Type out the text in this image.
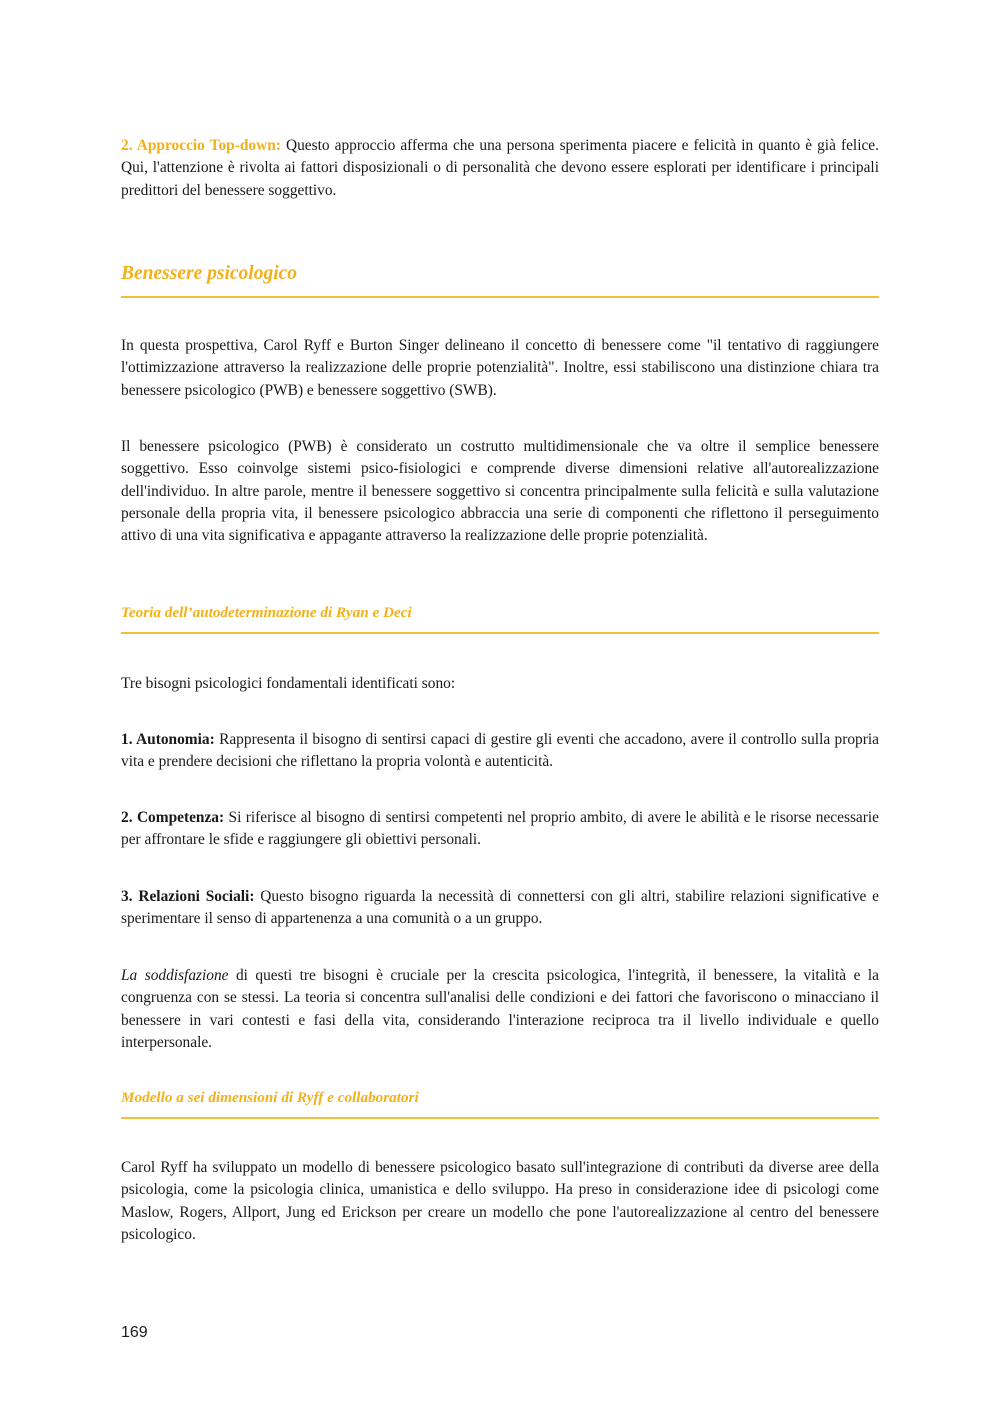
2. Approccio Top-down: Questo approccio afferma che una persona sperimenta piacere e felicità in quanto è già felice. Qui, l'attenzione è rivolta ai fattori disposizionali o di personalità che devono essere esplorati per identificare i principali predittori del benessere soggettivo.

Benessere psicologico

In questa prospettiva, Carol Ryff e Burton Singer delineano il concetto di benessere come "il tentativo di raggiungere l'ottimizzazione attraverso la realizzazione delle proprie potenzialità". Inoltre, essi stabiliscono una distinzione chiara tra benessere psicologico (PWB) e benessere soggettivo (SWB).

Il benessere psicologico (PWB) è considerato un costrutto multidimensionale che va oltre il semplice benessere soggettivo. Esso coinvolge sistemi psico-fisiologici e comprende diverse dimensioni relative all'autorealizzazione dell'individuo. In altre parole, mentre il benessere soggettivo si concentra principalmente sulla felicità e sulla valutazione personale della propria vita, il benessere psicologico abbraccia una serie di componenti che riflettono il perseguimento attivo di una vita significativa e appagante attraverso la realizzazione delle proprie potenzialità.

Teoria dell’autodeterminazione di Ryan e Deci

Tre bisogni psicologici fondamentali identificati sono:

1. Autonomia: Rappresenta il bisogno di sentirsi capaci di gestire gli eventi che accadono, avere il controllo sulla propria vita e prendere decisioni che riflettano la propria volontà e autenticità.

2. Competenza: Si riferisce al bisogno di sentirsi competenti nel proprio ambito, di avere le abilità e le risorse necessarie per affrontare le sfide e raggiungere gli obiettivi personali.

3. Relazioni Sociali: Questo bisogno riguarda la necessità di connettersi con gli altri, stabilire relazioni significative e sperimentare il senso di appartenenza a una comunità o a un gruppo.

La soddisfazione di questi tre bisogni è cruciale per la crescita psicologica, l'integrità, il benessere, la vitalità e la congruenza con se stessi. La teoria si concentra sull'analisi delle condizioni e dei fattori che favoriscono o minacciano il benessere in vari contesti e fasi della vita, considerando l'interazione reciproca tra il livello individuale e quello interpersonale.

Modello a sei dimensioni di Ryff e collaboratori

Carol Ryff ha sviluppato un modello di benessere psicologico basato sull'integrazione di contributi da diverse aree della psicologia, come la psicologia clinica, umanistica e dello sviluppo. Ha preso in considerazione idee di psicologi come Maslow, Rogers, Allport, Jung ed Erickson per creare un modello che pone l'autorealizzazione al centro del benessere psicologico.

169
